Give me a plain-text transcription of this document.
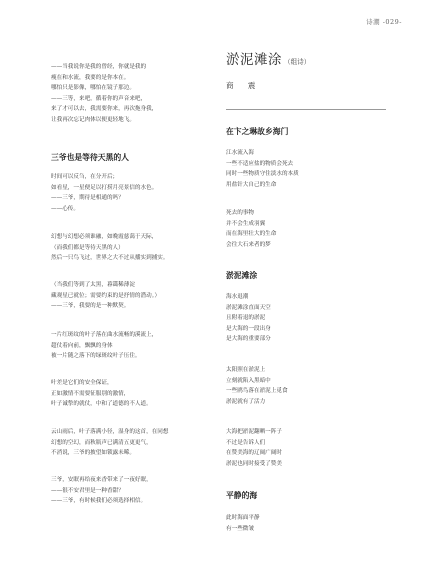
诗潮 -029-
——当我说你是我的曾经，你就是我的
瘦在和水流，我要的是你本在。
哪怕只是影像，哪怕在镜子那边。
——三等，来吧，循着你的声音来吧，
来了才可以去，我需要你来，再次拖身我，
让我再次忘记肉体以便更轻地飞。
三爷也是等待天黑的人
时间可以反刍，在分开后；
如看星，一星便足以打捞月亮景信的水色。
——三爷，期待是相通的吗？
——心传。
幻想与幻想必须谁融，如晚霞慈蔼于天际，
（而我们都是等待天黑的人）
然后一只鸟飞过，世界之大不过从播实到捕实。
（当我们等到了太黑，暮霭稀薄淀
藏观星已就位；需要约束的是抒情的潜动。）
——三爷，我要的是一种默契。
一片红斑纹的叶子落在曲水流畅的溪流上，
超仗着向前，飘飘的身体
被一片随之落下的绿斑纹叶子压住。
叶差是它们的安全保证，
正如激情不需要征服别的激情，
叶子诚挚的就仗，中和了道德的不人道。
云山雨后，叶子落满小径，湿身的这首，在同想
幻想的空幻，而秋瓶声已满清五更更气，
不消说，三爷的披望如锁露未晞。
三爷，安眠再给夜来香带来了一夜好眠，
——很不安君里是一种香甜？
——三爷，有时候我们必须选择相信。
淤泥滩涂 （组诗）
商 震
在卞之琳故乡海门
江水流入海
一些不适应盐的物质会死去
同时一些物质守住淡水的本质
用盐针大自己的生命
死去的事物
并不会生成羽翼
而在海里壮大的生命
会往大石来者的梦
淤泥滩涂
海水退潮
淤泥滩涂直面天空
且附着退的淤泥
是大海的一段出身
是大海的重要部分
太阳照在淤泥上
立刻就陷入黑暗中
一些鸥鸟落在淤泥上觅食
淤泥就有了活力
大海把淤泥翻晒一阵子
不过是告诉人们
在赞美海的辽阔广阔时
淤泥也同时接受了赞美
平静的海
此时海面平静
有一些微皱
